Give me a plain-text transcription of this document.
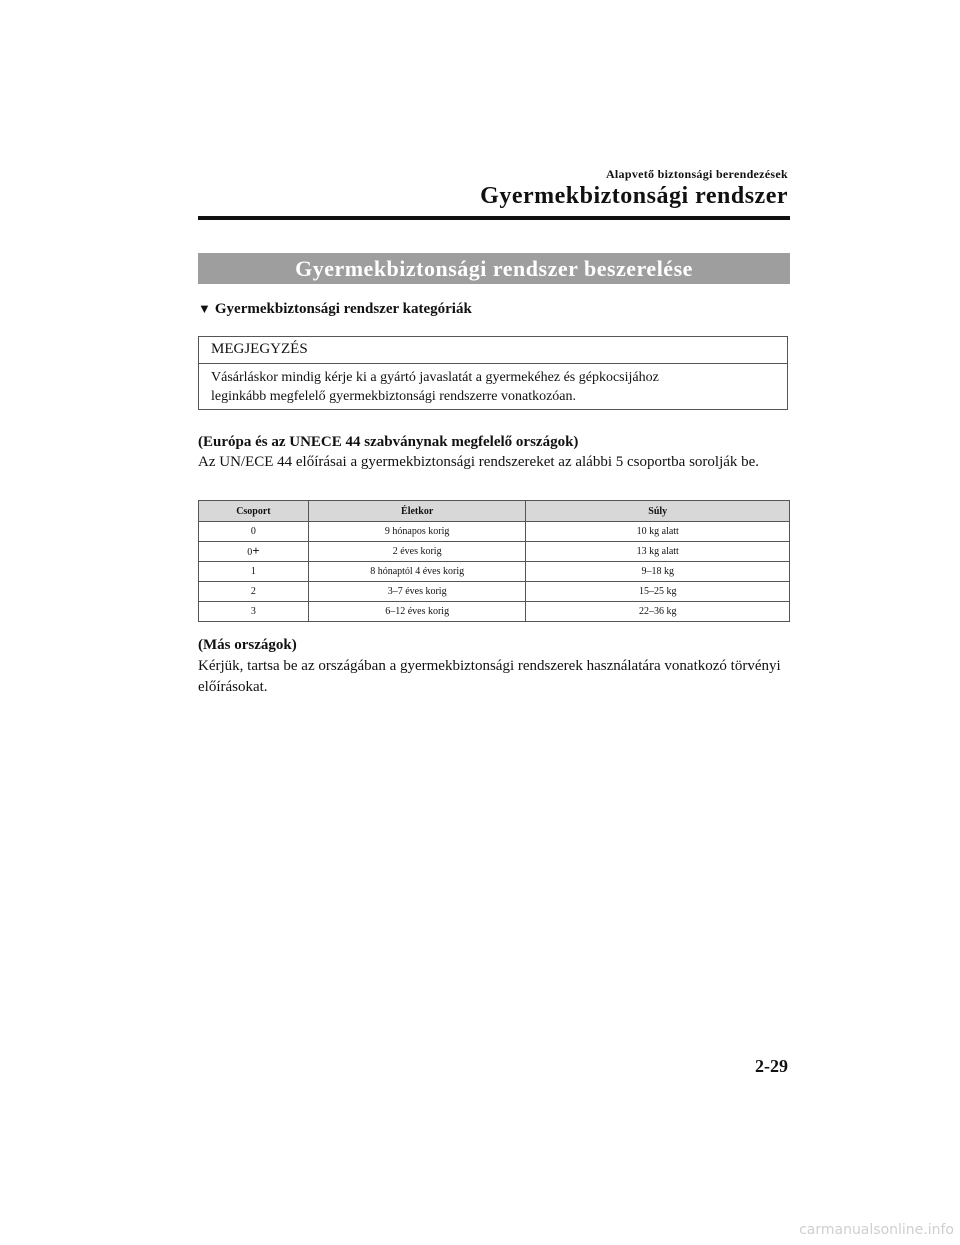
Alapvető biztonsági berendezések
Gyermekbiztonsági rendszer
Gyermekbiztonsági rendszer beszerelése
▼ Gyermekbiztonsági rendszer kategóriák
MEGJEGYZÉS
Vásárláskor mindig kérje ki a gyártó javaslatát a gyermekéhez és gépkocsijához
leginkább megfelelő gyermekbiztonsági rendszerre vonatkozóan.
(Európa és az UNECE 44 szabványnak megfelelő országok)
Az UN/ECE 44 előírásai a gyermekbiztonsági rendszereket az alábbi 5 csoportba sorolják be.
Csoport	Életkor	Súly
0	9 hónapos korig	10 kg alatt
0+	2 éves korig	13 kg alatt
1	8 hónaptól 4 éves korig	9–18 kg
2	3–7 éves korig	15–25 kg
3	6–12 éves korig	22–36 kg
(Más országok)
Kérjük, tartsa be az országában a gyermekbiztonsági rendszerek használatára vonatkozó törvényi előírásokat.
2-29
carmanualsonline.info
